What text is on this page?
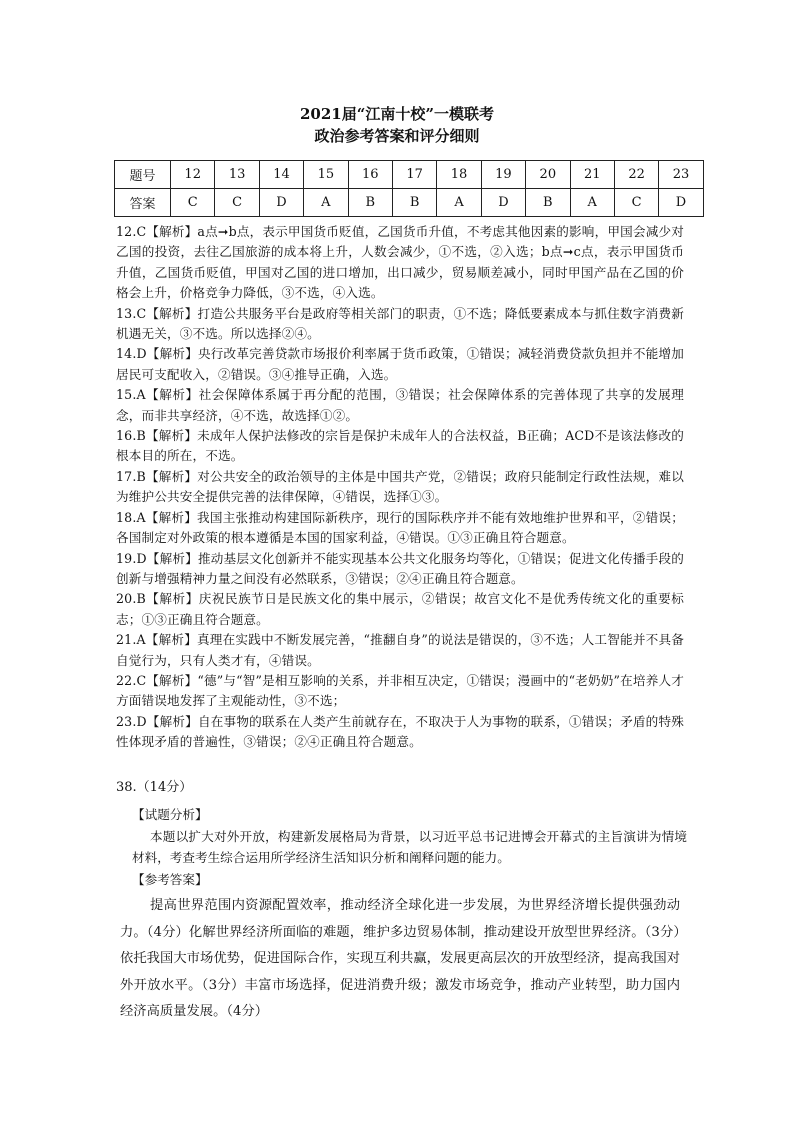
2021届“江南十校”一模联考
政治参考答案和评分细则
题号	12	13	14	15	16	17	18	19	20	21	22	23
答案	C	C	D	A	B	B	A	D	B	A	C	D

12.C【解析】a点➞b点，表示甲国货币贬值，乙国货币升值，不考虑其他因素的影响，甲国会减少对乙国的投资，去往乙国旅游的成本将上升，人数会减少，①不选，②入选；b点➞c点，表示甲国货币升值，乙国货币贬值，甲国对乙国的进口增加，出口减少，贸易顺差减小，同时甲国产品在乙国的价格会上升，价格竞争力降低，③不选，④入选。

13.C【解析】打造公共服务平台是政府等相关部门的职责，①不选；降低要素成本与抓住数字消费新机遇无关，③不选。所以选择②④。

14.D【解析】央行改革完善贷款市场报价利率属于货币政策，①错误；减轻消费贷款负担并不能增加居民可支配收入，②错误。③④推导正确，入选。

15.A【解析】社会保障体系属于再分配的范围，③错误；社会保障体系的完善体现了共享的发展理念，而非共享经济，④不选，故选择①②。

16.B【解析】未成年人保护法修改的宗旨是保护未成年人的合法权益，B正确；ACD不是该法修改的根本目的所在，不选。

17.B【解析】对公共安全的政治领导的主体是中国共产党，②错误；政府只能制定行政性法规，难以为维护公共安全提供完善的法律保障，④错误，选择①③。

18.A【解析】我国主张推动构建国际新秩序，现行的国际秩序并不能有效地维护世界和平，②错误；各国制定对外政策的根本遵循是本国的国家利益，④错误。①③正确且符合题意。

19.D【解析】推动基层文化创新并不能实现基本公共文化服务均等化，①错误；促进文化传播手段的创新与增强精神力量之间没有必然联系，③错误；②④正确且符合题意。

20.B【解析】庆祝民族节日是民族文化的集中展示，②错误；故宫文化不是优秀传统文化的重要标志；①③正确且符合题意。

21.A【解析】真理在实践中不断发展完善，“推翻自身”的说法是错误的，③不选；人工智能并不具备自觉行为，只有人类才有，④错误。

22.C【解析】“德”与“智”是相互影响的关系，并非相互决定，①错误；漫画中的“老奶奶”在培养人才方面错误地发挥了主观能动性，③不选；

23.D【解析】自在事物的联系在人类产生前就存在，不取决于人为事物的联系，①错误；矛盾的特殊性体现矛盾的普遍性，③错误；②④正确且符合题意。

38.（14分）
【试题分析】

本题以扩大对外开放，构建新发展格局为背景，以习近平总书记进博会开幕式的主旨演讲为情境材料，考查考生综合运用所学经济生活知识分析和阐释问题的能力。

【参考答案】

提高世界范围内资源配置效率，推动经济全球化进一步发展，为世界经济增长提供强劲动力。（4分）化解世界经济所面临的难题，维护多边贸易体制，推动建设开放型世界经济。（3分）依托我国大市场优势，促进国际合作，实现互利共赢，发展更高层次的开放型经济，提高我国对外开放水平。（3分）丰富市场选择，促进消费升级；激发市场竞争，推动产业转型，助力国内经济高质量发展。（4分）
